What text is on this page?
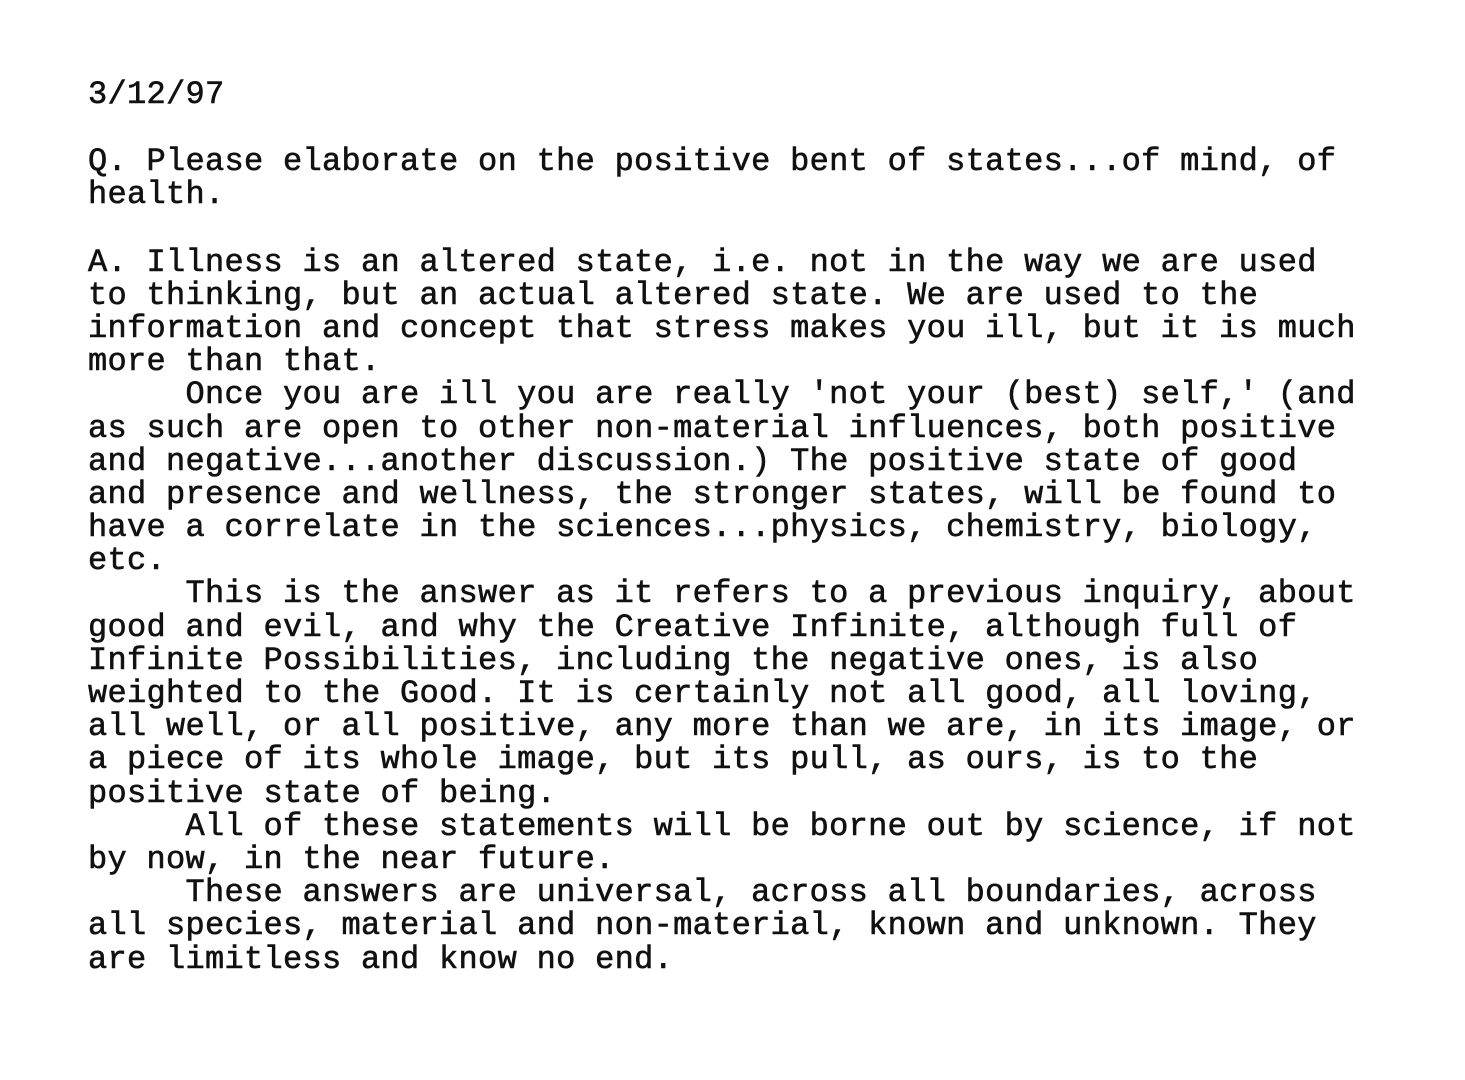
3/12/97
Q. Please elaborate on the positive bent of states...of mind, of
health.
A. Illness is an altered state, i.e. not in the way we are used
to thinking, but an actual altered state. We are used to the
information and concept that stress makes you ill, but it is much
more than that.
Once you are ill you are really 'not your (best) self,' (and
as such are open to other non-material influences, both positive
and negative...another discussion.) The positive state of good
and presence and wellness, the stronger states, will be found to
have a correlate in the sciences...physics, chemistry, biology,
etc.
This is the answer as it refers to a previous inquiry, about
good and evil, and why the Creative Infinite, although full of
Infinite Possibilities, including the negative ones, is also
weighted to the Good. It is certainly not all good, all loving,
all well, or all positive, any more than we are, in its image, or
a piece of its whole image, but its pull, as ours, is to the
positive state of being.
All of these statements will be borne out by science, if not
by now, in the near future.
These answers are universal, across all boundaries, across
all species, material and non-material, known and unknown. They
are limitless and know no end.
